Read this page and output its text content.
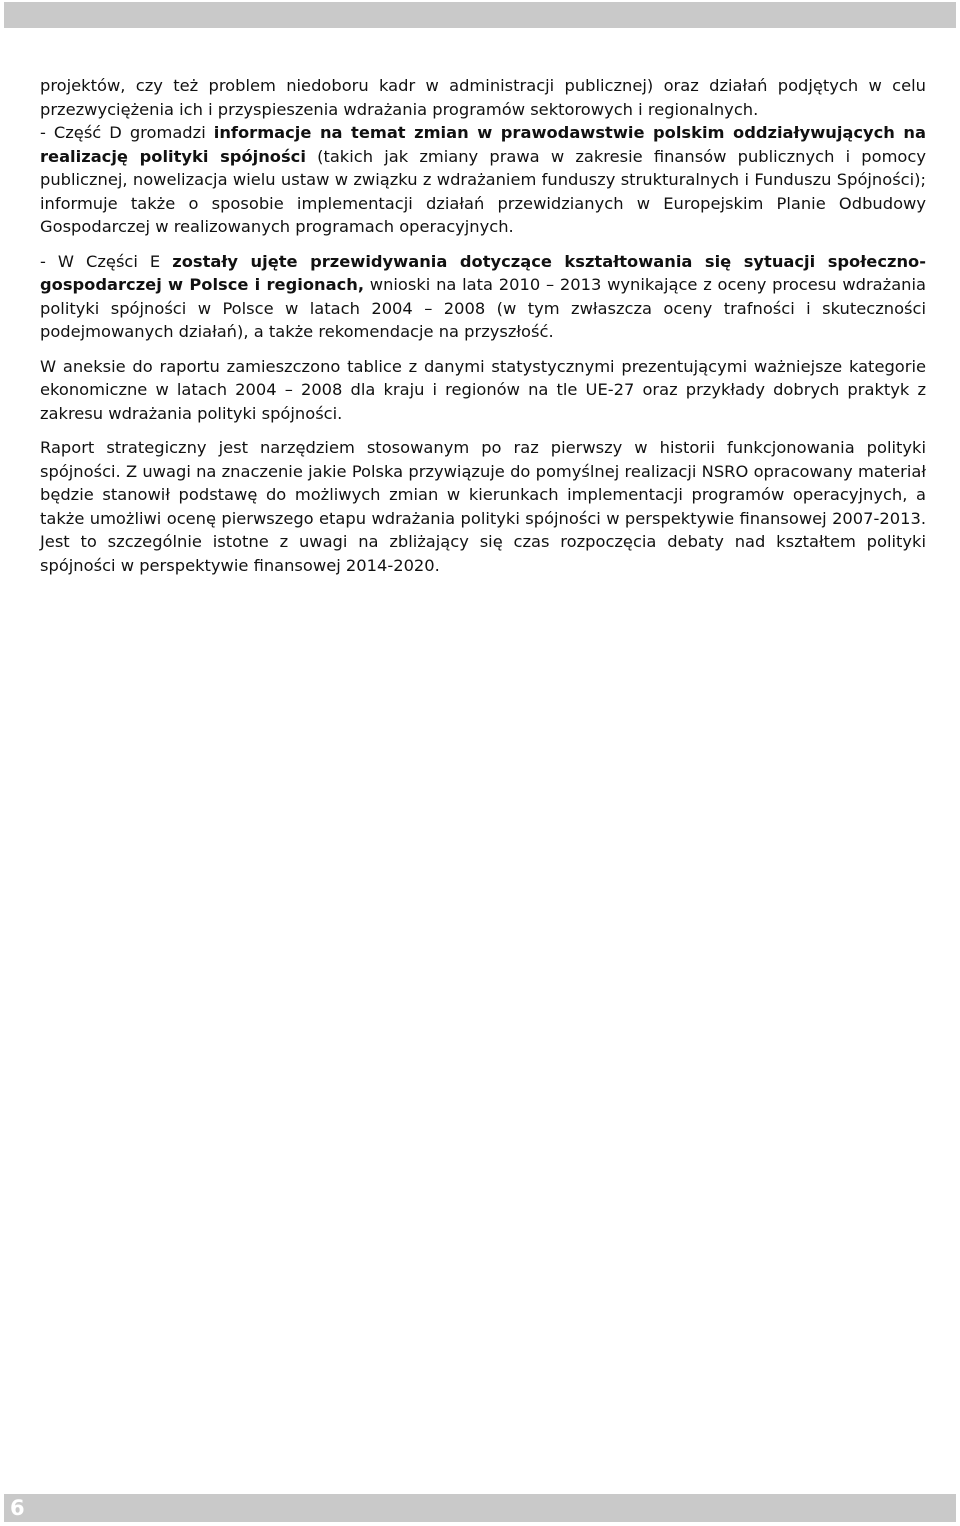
projektów, czy też problem niedoboru kadr w administracji publicznej) oraz działań podjętych w celu przezwyciężenia ich i przyspieszenia wdrażania programów sektorowych i regionalnych.

- Część D gromadzi informacje na temat zmian w prawodawstwie polskim oddziaływujących na realizację polityki spójności (takich jak zmiany prawa w zakresie finansów publicznych i pomocy publicznej, nowelizacja wielu ustaw w związku z wdrażaniem funduszy strukturalnych i Funduszu Spójności); informuje także o sposobie implementacji działań przewidzianych w Europejskim Planie Odbudowy Gospodarczej w realizowanych programach operacyjnych.

- W Części E zostały ujęte przewidywania dotyczące kształtowania się sytuacji społeczno-gospodarczej w Polsce i regionach, wnioski na lata 2010 – 2013 wynikające z oceny procesu wdrażania polityki spójności w Polsce w latach 2004 – 2008 (w tym zwłaszcza oceny trafności i skuteczności podejmowanych działań), a także rekomendacje na przyszłość.

W aneksie do raportu zamieszczono tablice z danymi statystycznymi prezentującymi ważniejsze kategorie ekonomiczne w latach 2004 – 2008 dla kraju i regionów na tle UE-27 oraz przykłady dobrych praktyk z zakresu wdrażania polityki spójności.

Raport strategiczny jest narzędziem stosowanym po raz pierwszy w historii funkcjonowania polityki spójności. Z uwagi na znaczenie jakie Polska przywiązuje do pomyślnej realizacji NSRO opracowany materiał będzie stanowił podstawę do możliwych zmian w kierunkach implementacji programów operacyjnych, a także umożliwi ocenę pierwszego etapu wdrażania polityki spójności w perspektywie finansowej 2007-2013. Jest to szczególnie istotne z uwagi na zbliżający się czas rozpoczęcia debaty nad kształtem polityki spójności w perspektywie finansowej 2014-2020.

6
